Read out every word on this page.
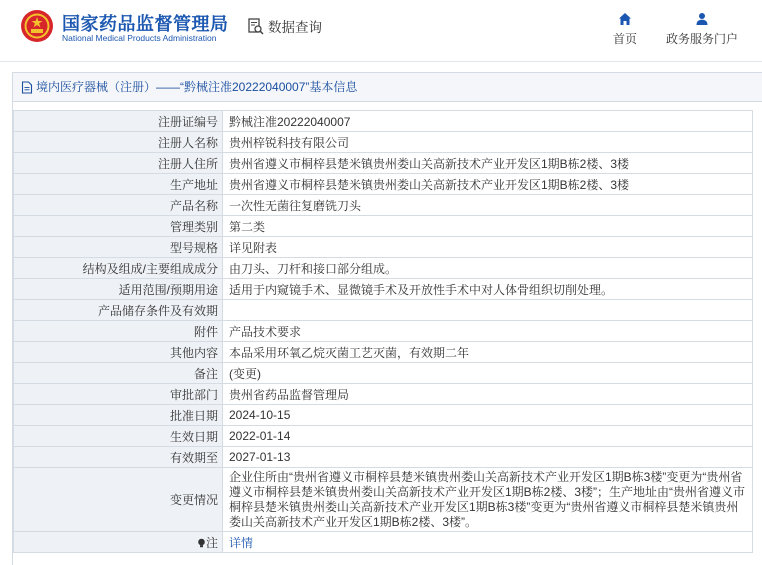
国家药品监督管理局
National Medical Products Administration
数据查询
首页	政务服务门户
境内医疗器械（注册）——“黔械注准20222040007”基本信息
注册证编号	黔械注准20222040007
注册人名称	贵州梓锐科技有限公司
注册人住所	贵州省遵义市桐梓县楚米镇贵州娄山关高新技术产业开发区1期B栋2楼、3楼
生产地址	贵州省遵义市桐梓县楚米镇贵州娄山关高新技术产业开发区1期B栋2楼、3楼
产品名称	一次性无菌往复磨铣刀头
管理类别	第二类
型号规格	详见附表
结构及组成/主要组成成分	由刀头、刀杆和接口部分组成。
适用范围/预期用途	适用于内窥镜手术、显微镜手术及开放性手术中对人体骨组织切削处理。
产品储存条件及有效期	
附件	产品技术要求
其他内容	本品采用环氧乙烷灭菌工艺灭菌，有效期二年
备注	(变更)
审批部门	贵州省药品监督管理局
批准日期	2024-10-15
生效日期	2022-01-14
有效期至	2027-01-13
变更情况	企业住所由“贵州省遵义市桐梓县楚米镇贵州娄山关高新技术产业开发区1期B栋3楼”变更为“贵州省遵义市桐梓县楚米镇贵州娄山关高新技术产业开发区1期B栋2楼、3楼”；生产地址由“贵州省遵义市桐梓县楚米镇贵州娄山关高新技术产业开发区1期B栋3楼”变更为“贵州省遵义市桐梓县楚米镇贵州娄山关高新技术产业开发区1期B栋2楼、3楼”。
注	详情
